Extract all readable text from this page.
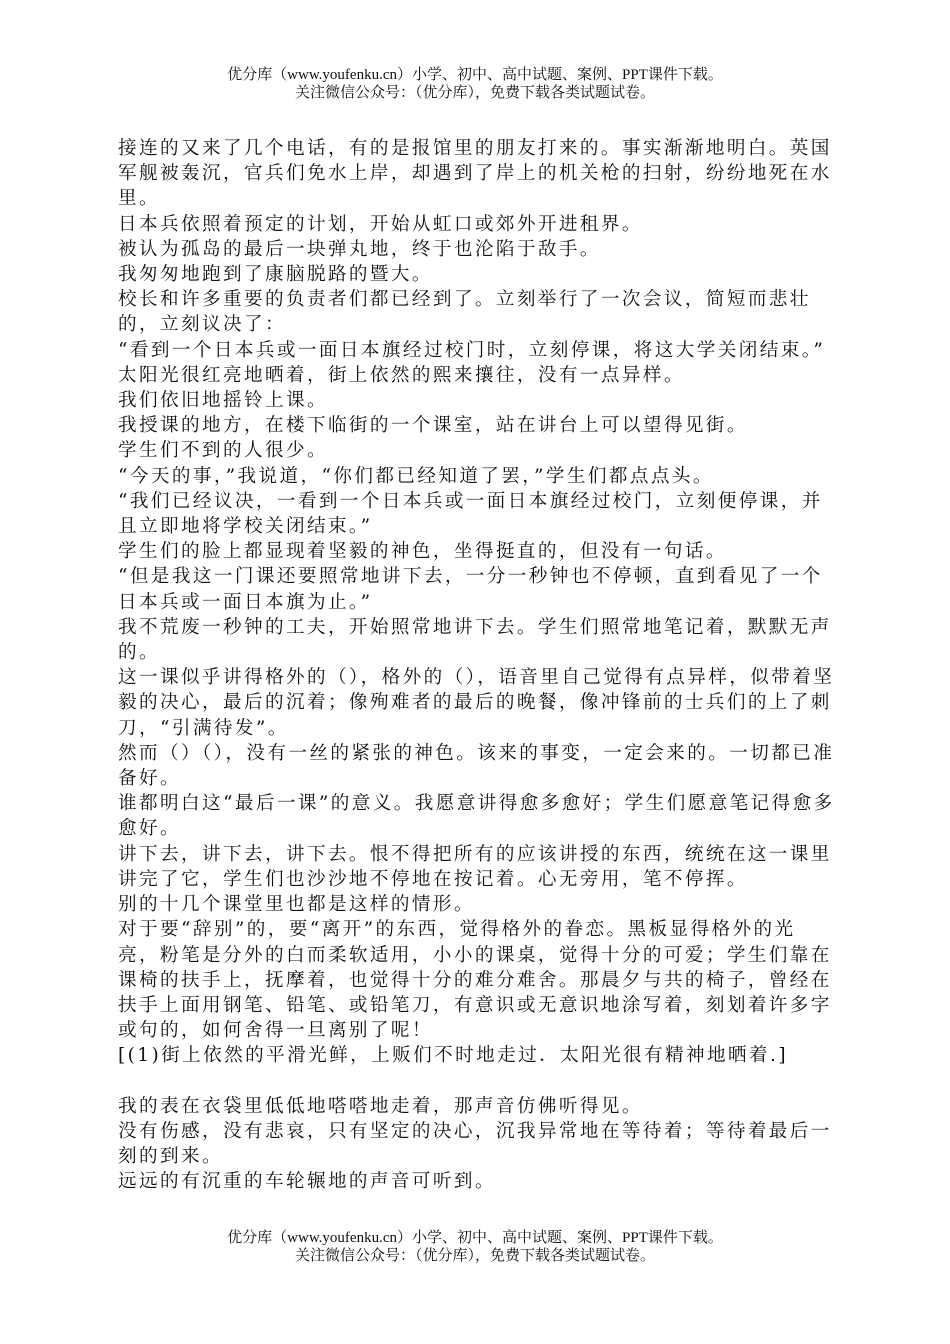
优分库（www.youfenku.cn）小学、初中、高中试题、案例、PPT课件下载。
关注微信公众号：（优分库），免费下载各类试题试卷。

接连的又来了几个电话，有的是报馆里的朋友打来的。事实渐渐地明白。英国军舰被轰沉，官兵们免水上岸，却遇到了岸上的机关枪的扫射，纷纷地死在水里。

日本兵依照着预定的计划，开始从虹口或郊外开进租界。

被认为孤岛的最后一块弹丸地，终于也沦陷于敌手。

我匆匆地跑到了康脑脱路的暨大。

校长和许多重要的负责者们都已经到了。立刻举行了一次会议，简短而悲壮的，立刻议决了：

“看到一个日本兵或一面日本旗经过校门时，立刻停课，将这大学关闭结束。”

太阳光很红亮地晒着，街上依然的熙来攘往，没有一点异样。

我们依旧地摇铃上课。

我授课的地方，在楼下临街的一个课室，站在讲台上可以望得见街。

学生们不到的人很少。

“今天的事，”我说道，“你们都已经知道了罢，”学生们都点点头。

“我们已经议决，一看到一个日本兵或一面日本旗经过校门，立刻便停课，并且立即地将学校关闭结束。”

学生们的脸上都显现着坚毅的神色，坐得挺直的，但没有一句话。

“但是我这一门课还要照常地讲下去，一分一秒钟也不停顿，直到看见了一个日本兵或一面日本旗为止。”

我不荒废一秒钟的工夫，开始照常地讲下去。学生们照常地笔记着，默默无声的。

这一课似乎讲得格外的（），格外的（），语音里自己觉得有点异样，似带着坚毅的决心，最后的沉着；像殉难者的最后的晚餐，像冲锋前的士兵们的上了刺刀，“引满待发”。

然而（）（），没有一丝的紧张的神色。该来的事变，一定会来的。一切都已准备好。

谁都明白这“最后一课”的意义。我愿意讲得愈多愈好；学生们愿意笔记得愈多愈好。

讲下去，讲下去，讲下去。恨不得把所有的应该讲授的东西，统统在这一课里讲完了它，学生们也沙沙地不停地在按记着。心无旁用，笔不停挥。

别的十几个课堂里也都是这样的情形。

对于要“辞别”的，要“离开”的东西，觉得格外的眷恋。黑板显得格外的光亮，粉笔是分外的白而柔软适用，小小的课桌，觉得十分的可爱；学生们靠在课椅的扶手上，抚摩着，也觉得十分的难分难舍。那晨夕与共的椅子，曾经在扶手上面用钢笔、铅笔、或铅笔刀，有意识或无意识地涂写着，刻划着许多字或句的，如何舍得一旦离别了呢！

[(1)街上依然的平滑光鲜，上贩们不时地走过．太阳光很有精神地晒着.]

我的表在衣袋里低低地嗒嗒地走着，那声音仿佛听得见。

没有伤感，没有悲哀，只有坚定的决心，沉我异常地在等待着；等待着最后一刻的到来。

远远的有沉重的车轮辗地的声音可听到。

优分库（www.youfenku.cn）小学、初中、高中试题、案例、PPT课件下载。
关注微信公众号：（优分库），免费下载各类试题试卷。
